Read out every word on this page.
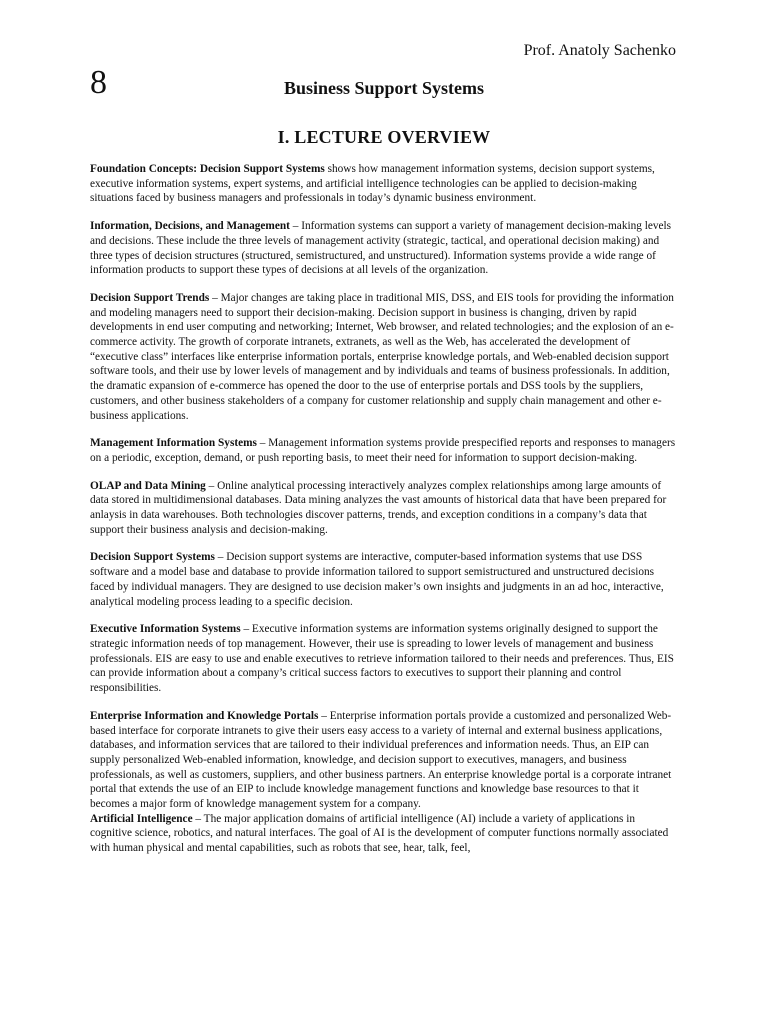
Prof. Anatoly Sachenko
8	Business Support Systems
I. LECTURE OVERVIEW

Foundation Concepts: Decision Support Systems shows how management information systems, decision support systems, executive information systems, expert systems, and artificial intelligence technologies can be applied to decision-making situations faced by business managers and professionals in today’s dynamic business environment.

Information, Decisions, and Management – Information systems can support a variety of management decision-making levels and decisions. These include the three levels of management activity (strategic, tactical, and operational decision making) and three types of decision structures (structured, semistructured, and unstructured). Information systems provide a wide range of information products to support these types of decisions at all levels of the organization.

Decision Support Trends – Major changes are taking place in traditional MIS, DSS, and EIS tools for providing the information and modeling managers need to support their decision-making. Decision support in business is changing, driven by rapid developments in end user computing and networking; Internet, Web browser, and related technologies; and the explosion of an e-commerce activity. The growth of corporate intranets, extranets, as well as the Web, has accelerated the development of “executive class” interfaces like enterprise information portals, enterprise knowledge portals, and Web-enabled decision support software tools, and their use by lower levels of management and by individuals and teams of business professionals. In addition, the dramatic expansion of e-commerce has opened the door to the use of enterprise portals and DSS tools by the suppliers, customers, and other business stakeholders of a company for customer relationship and supply chain management and other e-business applications.

Management Information Systems – Management information systems provide prespecified reports and responses to managers on a periodic, exception, demand, or push reporting basis, to meet their need for information to support decision-making.

OLAP and Data Mining – Online analytical processing interactively analyzes complex relationships among large amounts of data stored in multidimensional databases. Data mining analyzes the vast amounts of historical data that have been prepared for anlaysis in data warehouses. Both technologies discover patterns, trends, and exception conditions in a company’s data that support their business analysis and decision-making.

Decision Support Systems – Decision support systems are interactive, computer-based information systems that use DSS software and a model base and database to provide information tailored to support semistructured and unstructured decisions faced by individual managers. They are designed to use decision maker’s own insights and judgments in an ad hoc, interactive, analytical modeling process leading to a specific decision.

Executive Information Systems – Executive information systems are information systems originally designed to support the strategic information needs of top management. However, their use is spreading to lower levels of management and business professionals. EIS are easy to use and enable executives to retrieve information tailored to their needs and preferences. Thus, EIS can provide information about a company’s critical success factors to executives to support their planning and control responsibilities.

Enterprise Information and Knowledge Portals – Enterprise information portals provide a customized and personalized Web-based interface for corporate intranets to give their users easy access to a variety of internal and external business applications, databases, and information services that are tailored to their individual preferences and information needs. Thus, an EIP can supply personalized Web-enabled information, knowledge, and decision support to executives, managers, and business professionals, as well as customers, suppliers, and other business partners. An enterprise knowledge portal is a corporate intranet portal that extends the use of an EIP to include knowledge management functions and knowledge base resources to that it becomes a major form of knowledge management system for a company.

Artificial Intelligence – The major application domains of artificial intelligence (AI) include a variety of applications in cognitive science, robotics, and natural interfaces. The goal of AI is the development of computer functions normally associated with human physical and mental capabilities, such as robots that see, hear, talk, feel,
